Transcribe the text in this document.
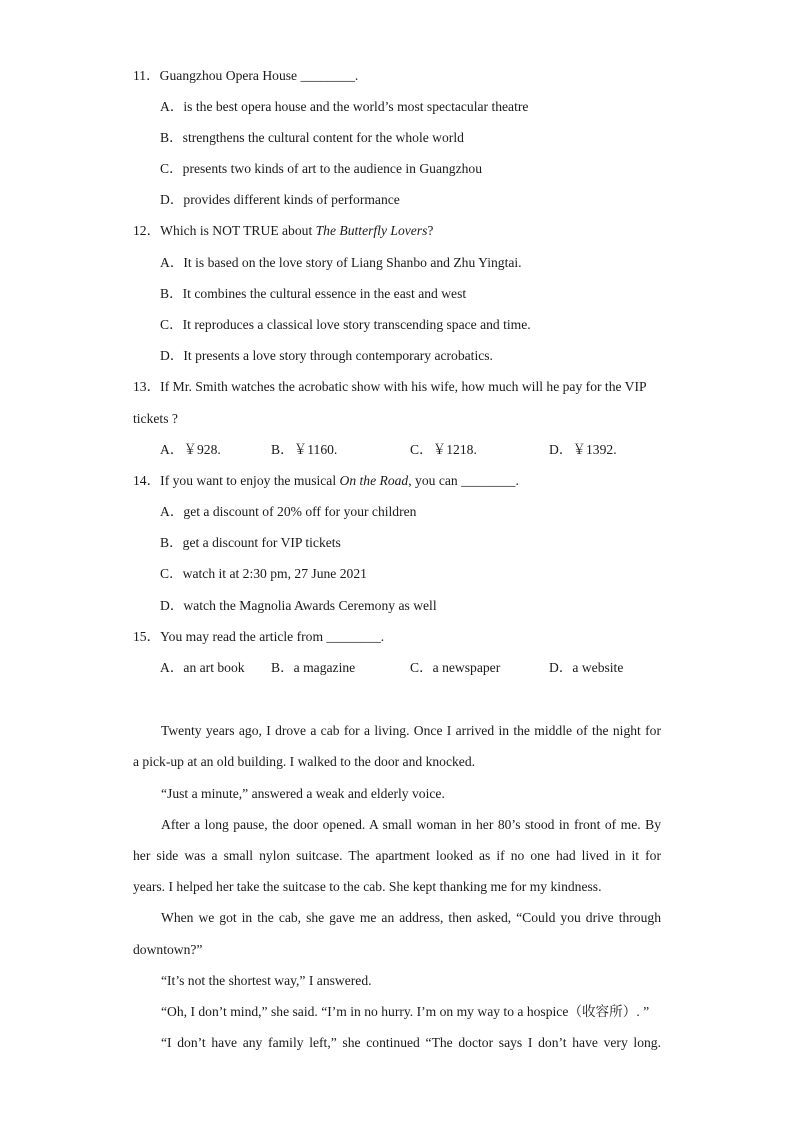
11．Guangzhou Opera House ________.
A．is the best opera house and the world’s most spectacular theatre
B．strengthens the cultural content for the whole world
C．presents two kinds of art to the audience in Guangzhou
D．provides different kinds of performance
12．Which is NOT TRUE about The Butterfly Lovers?
A．It is based on the love story of Liang Shanbo and Zhu Yingtai.
B．It combines the cultural essence in the east and west
C．It reproduces a classical love story transcending space and time.
D．It presents a love story through contemporary acrobatics.
13．If Mr. Smith watches the acrobatic show with his wife, how much will he pay for the VIP
tickets ?
A．￥928.	B．￥1160.	C．￥1218.	D．￥1392.
14．If you want to enjoy the musical On the Road, you can ________.
A．get a discount of 20% off for your children
B．get a discount for VIP tickets
C．watch it at 2:30 pm, 27 June 2021
D．watch the Magnolia Awards Ceremony as well
15．You may read the article from ________.
A．an art book B．a magazine	C．a newspaper	D．a website
Twenty years ago, I drove a cab for a living. Once I arrived in the middle of the night for
a pick-up at an old building. I walked to the door and knocked.
“Just a minute,” answered a weak and elderly voice.
After a long pause, the door opened. A small woman in her 80’s stood in front of me. By
her side was a small nylon suitcase. The apartment looked as if no one had lived in it for
years. I helped her take the suitcase to the cab. She kept thanking me for my kindness.
When we got in the cab, she gave me an address, then asked, “Could you drive through
downtown?”
“It’s not the shortest way,” I answered.
“Oh, I don’t mind,” she said. “I’m in no hurry. I’m on my way to a hospice（收容所）. ”
“I don’t have any family left,” she continued “The doctor says I don’t have very long.
